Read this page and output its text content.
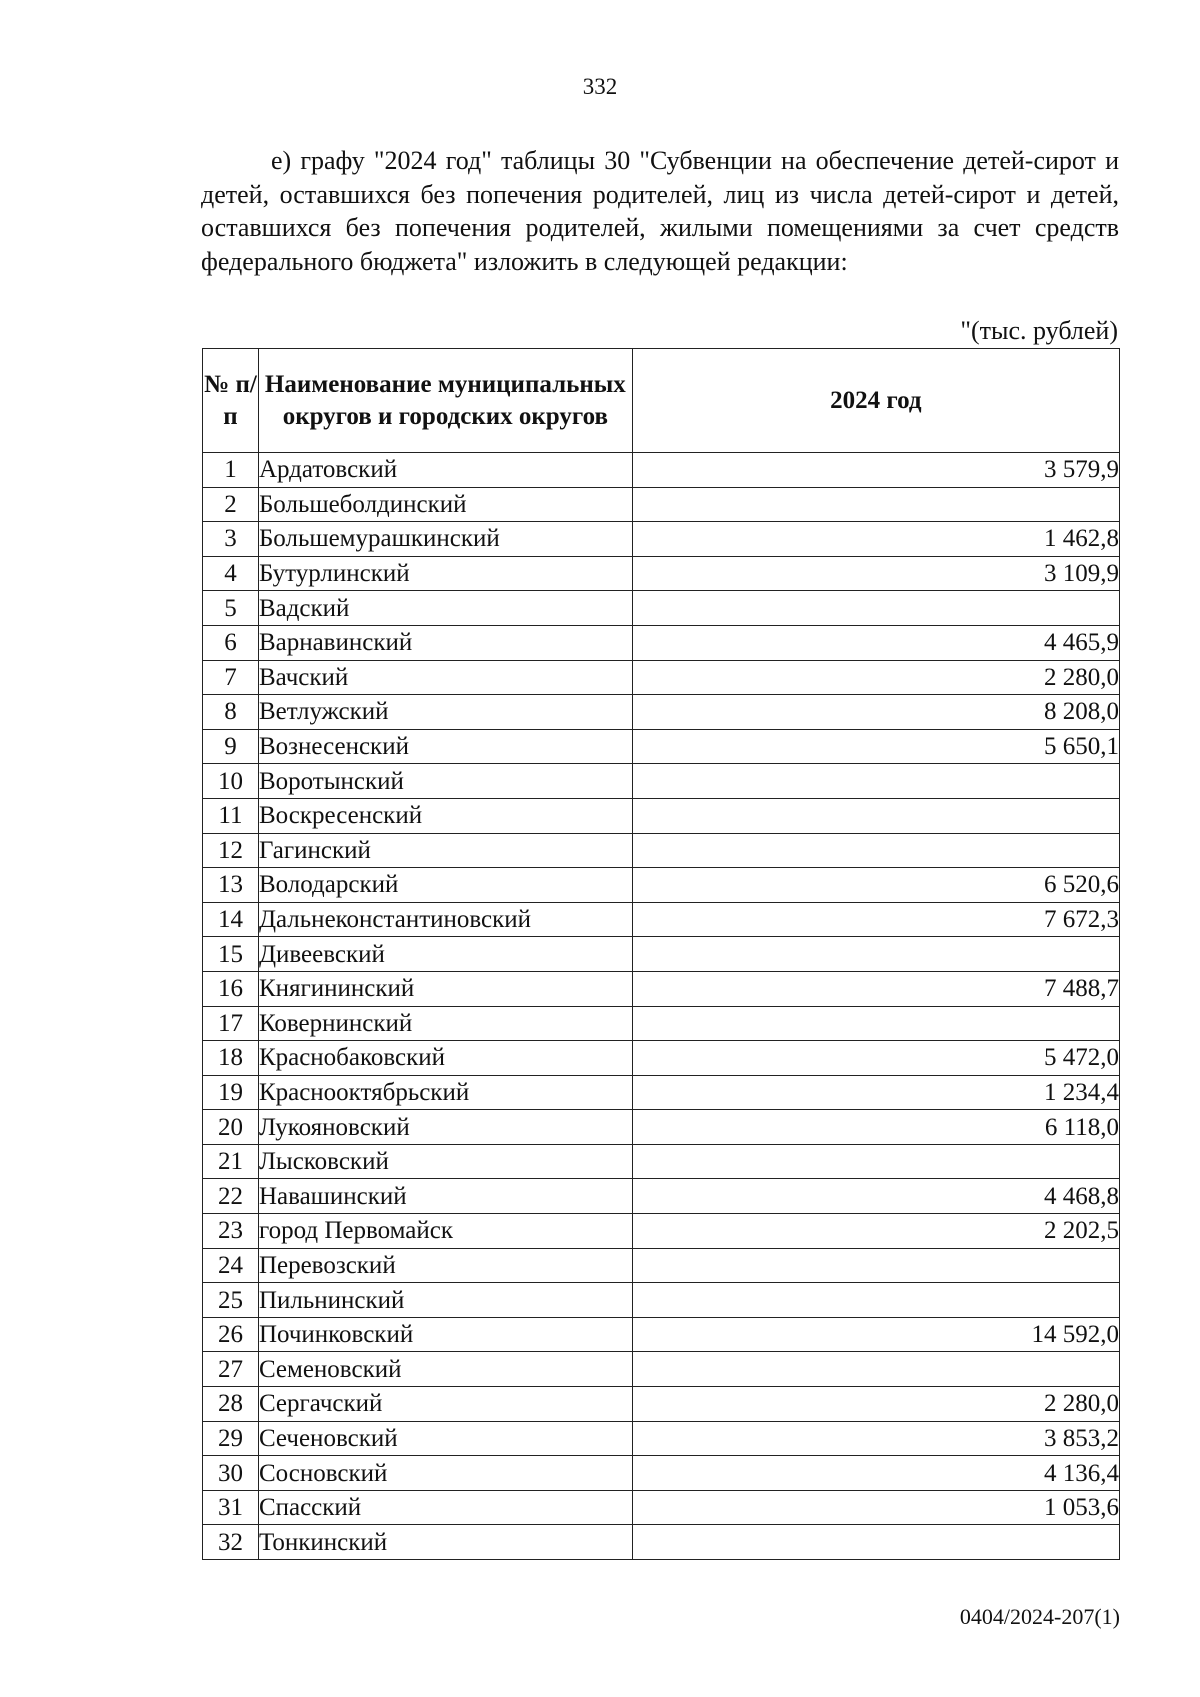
332

е) графу "2024 год" таблицы 30 "Субвенции на обеспечение детей-сирот и детей, оставшихся без попечения родителей, лиц из числа детей-сирот и детей, оставшихся без попечения родителей, жилыми помещениями за счет средств федерального бюджета" изложить в следующей редакции:

"(тыс. рублей)
№ п/п	Наименование муниципальных округов и городских округов	2024 год
1	Ардатовский	3 579,9
2	Большеболдинский	
3	Большемурашкинский	1 462,8
4	Бутурлинский	3 109,9
5	Вадский	
6	Варнавинский	4 465,9
7	Вачский	2 280,0
8	Ветлужский	8 208,0
9	Вознесенский	5 650,1
10	Воротынский	
11	Воскресенский	
12	Гагинский	
13	Володарский	6 520,6
14	Дальнеконстантиновский	7 672,3
15	Дивеевский	
16	Княгининский	7 488,7
17	Ковернинский	
18	Краснобаковский	5 472,0
19	Краснооктябрьский	1 234,4
20	Лукояновский	6 118,0
21	Лысковский	
22	Навашинский	4 468,8
23	город Первомайск	2 202,5
24	Перевозский	
25	Пильнинский	
26	Починковский	14 592,0
27	Семеновский	
28	Сергачский	2 280,0
29	Сеченовский	3 853,2
30	Сосновский	4 136,4
31	Спасский	1 053,6
32	Тонкинский	
0404/2024-207(1)
